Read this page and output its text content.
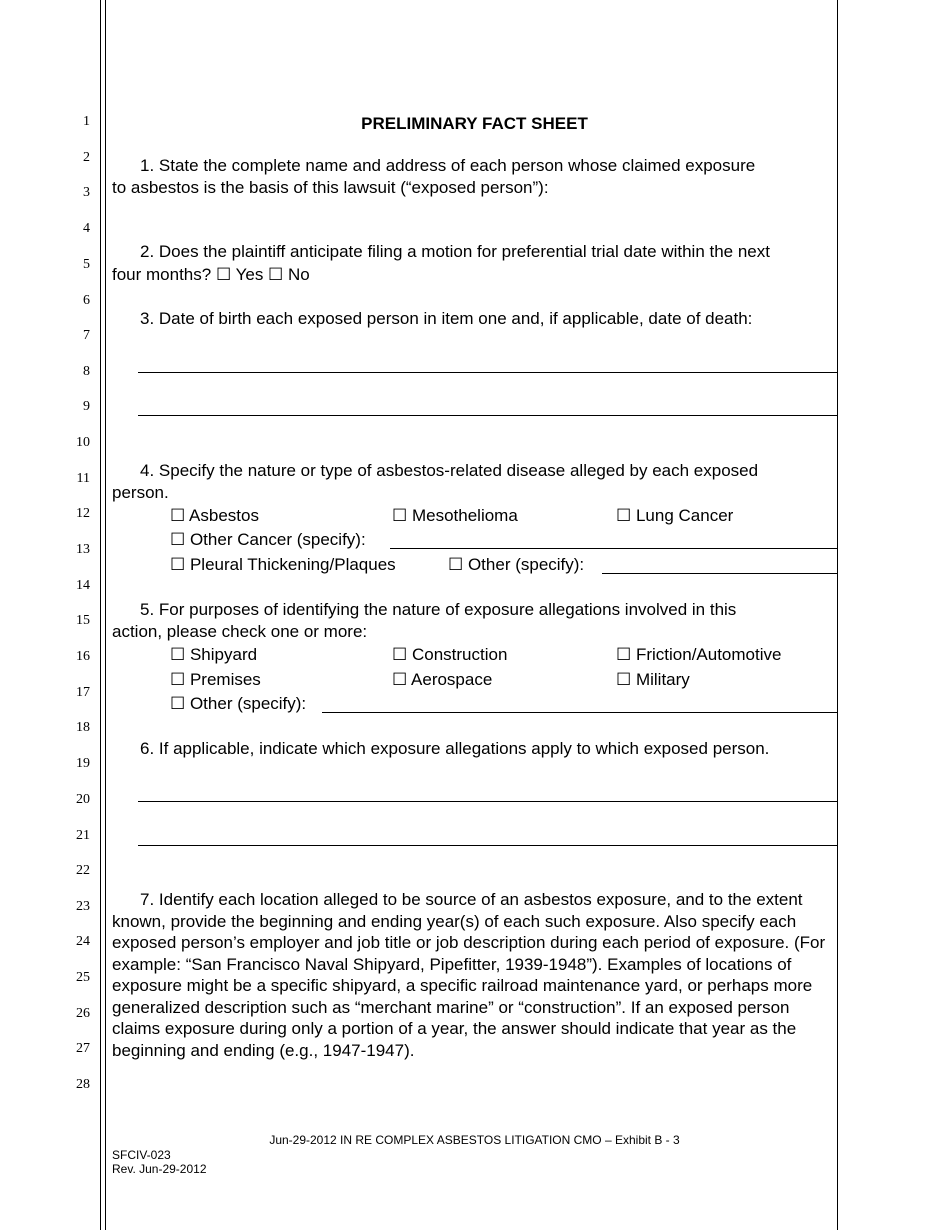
1
2
3
4
5
6
7
8
9
10
11
12
13
14
15
16
17
18
19
20
21
22
23
24
25
26
27
28
PRELIMINARY FACT SHEET
1. State the complete name and address of each person whose claimed exposure
to asbestos is the basis of this lawsuit (“exposed person”):
2. Does the plaintiff anticipate filing a motion for preferential trial date within the next
four months? ☐ Yes ☐ No
3. Date of birth each exposed person in item one and, if applicable, date of death:
4. Specify the nature or type of asbestos-related disease alleged by each exposed
person.
☐ Asbestos	☐ Mesothelioma	☐ Lung Cancer
☐ Other Cancer (specify):
☐ Pleural Thickening/Plaques	☐ Other (specify):
5. For purposes of identifying the nature of exposure allegations involved in this
action, please check one or more:
☐ Shipyard	☐ Construction	☐ Friction/Automotive
☐ Premises	☐ Aerospace	☐ Military
☐ Other (specify):
6. If applicable, indicate which exposure allegations apply to which exposed person.
7. Identify each location alleged to be source of an asbestos exposure, and to the extent known, provide the beginning and ending year(s) of each such exposure. Also specify each exposed person’s employer and job title or job description during each period of exposure. (For example: “San Francisco Naval Shipyard, Pipefitter, 1939-1948”). Examples of locations of exposure might be a specific shipyard, a specific railroad maintenance yard, or perhaps more generalized description such as “merchant marine” or “construction”. If an exposed person claims exposure during only a portion of a year, the answer should indicate that year as the beginning and ending (e.g., 1947-1947).
Jun-29-2012 IN RE COMPLEX ASBESTOS LITIGATION CMO – Exhibit B - 3
SFCIV-023
Rev. Jun-29-2012
